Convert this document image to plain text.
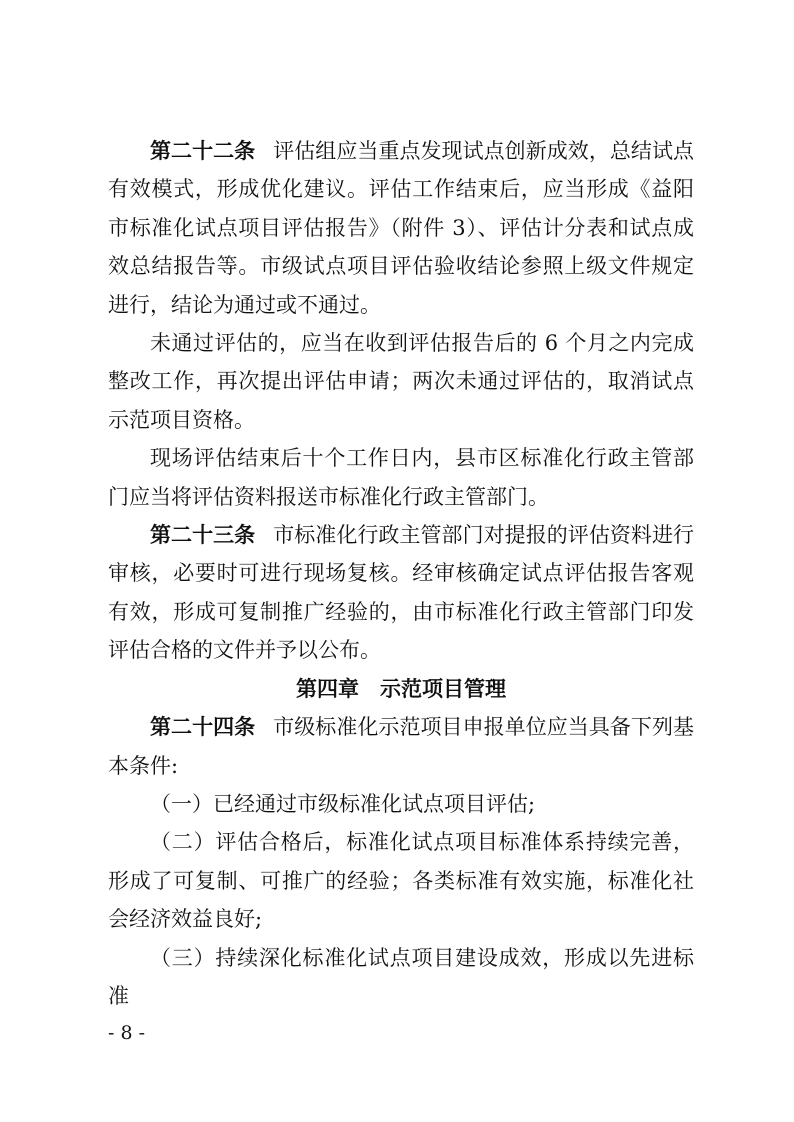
第二十二条 评估组应当重点发现试点创新成效，总结试点有效模式，形成优化建议。评估工作结束后，应当形成《益阳市标准化试点项目评估报告》（附件 3）、评估计分表和试点成效总结报告等。市级试点项目评估验收结论参照上级文件规定进行，结论为通过或不通过。

未通过评估的，应当在收到评估报告后的 6 个月之内完成整改工作，再次提出评估申请；两次未通过评估的，取消试点示范项目资格。

现场评估结束后十个工作日内，县市区标准化行政主管部门应当将评估资料报送市标准化行政主管部门。

第二十三条 市标准化行政主管部门对提报的评估资料进行审核，必要时可进行现场复核。经审核确定试点评估报告客观有效，形成可复制推广经验的，由市标准化行政主管部门印发评估合格的文件并予以公布。

第四章　示范项目管理

第二十四条 市级标准化示范项目申报单位应当具备下列基本条件:

（一）已经通过市级标准化试点项目评估;

（二）评估合格后，标准化试点项目标准体系持续完善，形成了可复制、可推广的经验；各类标准有效实施，标准化社会经济效益良好;

（三）持续深化标准化试点项目建设成效，形成以先进标准

- 8 -
